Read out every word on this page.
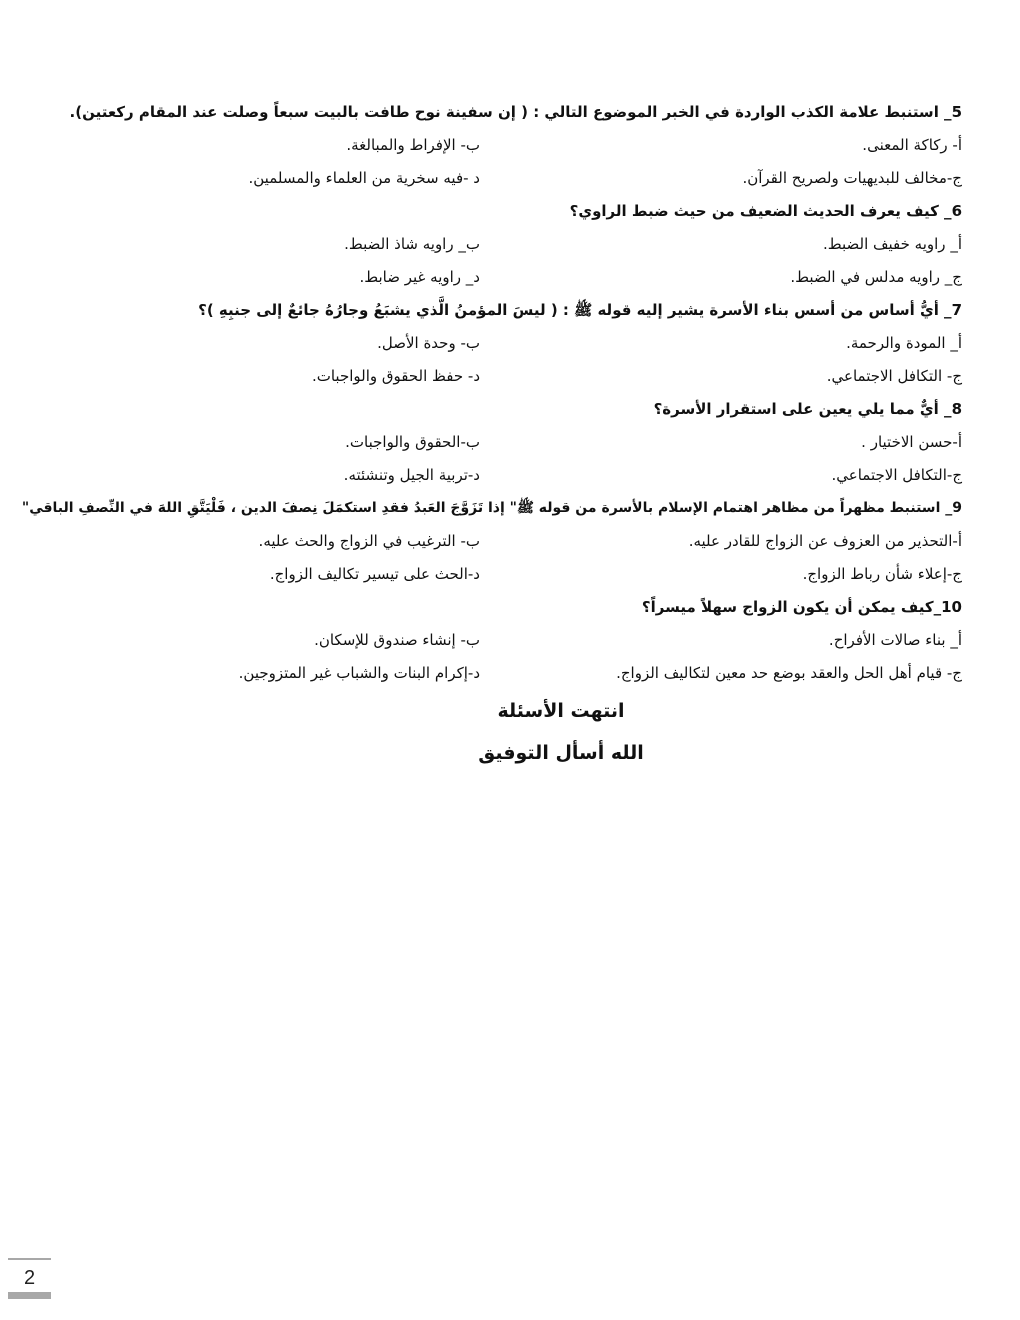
5_ استنبط علامة الكذب الواردة في الخبر الموضوع التالي : ( إن سفينة نوح طافت بالبيت سبعاً وصلت عند المقام ركعتين).
أ- ركاكة المعنى.
ب- الإفراط والمبالغة.
ج-مخالف للبديهيات ولصريح القرآن.
د -فيه سخرية من العلماء والمسلمين.
6_ كيف يعرف الحديث الضعيف من حيث ضبط الراوي؟
أ_ راويه خفيف الضبط.
ب_ راويه شاذ الضبط.
ج_ راويه مدلس في الضبط.
د_ راويه غير ضابط.
7_ أيُّ أساس من أسس بناء الأسرة يشير إليه قوله ﷺ : ( ليسَ المؤمنُ الَّذي يشبَعُ وجارُهُ جائعٌ إلى جنبِهِ )؟
أ_ المودة والرحمة.
ب- وحدة الأصل.
ج- التكافل الاجتماعي.
د- حفظ الحقوق والواجبات.
8_ أيٌّ مما يلي يعين على استقرار الأسرة؟
أ-حسن الاختيار .
ب-الحقوق والواجبات.
ج-التكافل الاجتماعي.
د-تربية الجيل وتنشئته.
9_ استنبط مظهراً من مظاهر اهتمام الإسلام بالأسرة من قوله ﷺ" إذا تَزَوَّجَ العَبدُ فقدِ استكمَلَ نِصفَ الدين ، فَلْيَتَّقِ اللهَ في النِّصفِ الباقي"
أ-التحذير من العزوف عن الزواج للقادر عليه.
ب- الترغيب في الزواج والحث عليه.
ج-إعلاء شأن رباط الزواج.
د-الحث على تيسير تكاليف الزواج.
10_كيف يمكن أن يكون الزواج سهلاً ميسراً؟
أ_ بناء صالات الأفراح.
ب- إنشاء صندوق للإسكان.
ج- قيام أهل الحل والعقد بوضع حد معين لتكاليف الزواج.
د-إكرام البنات والشباب غير المتزوجين.
انتهت الأسئلة
الله أسأل التوفيق
2
